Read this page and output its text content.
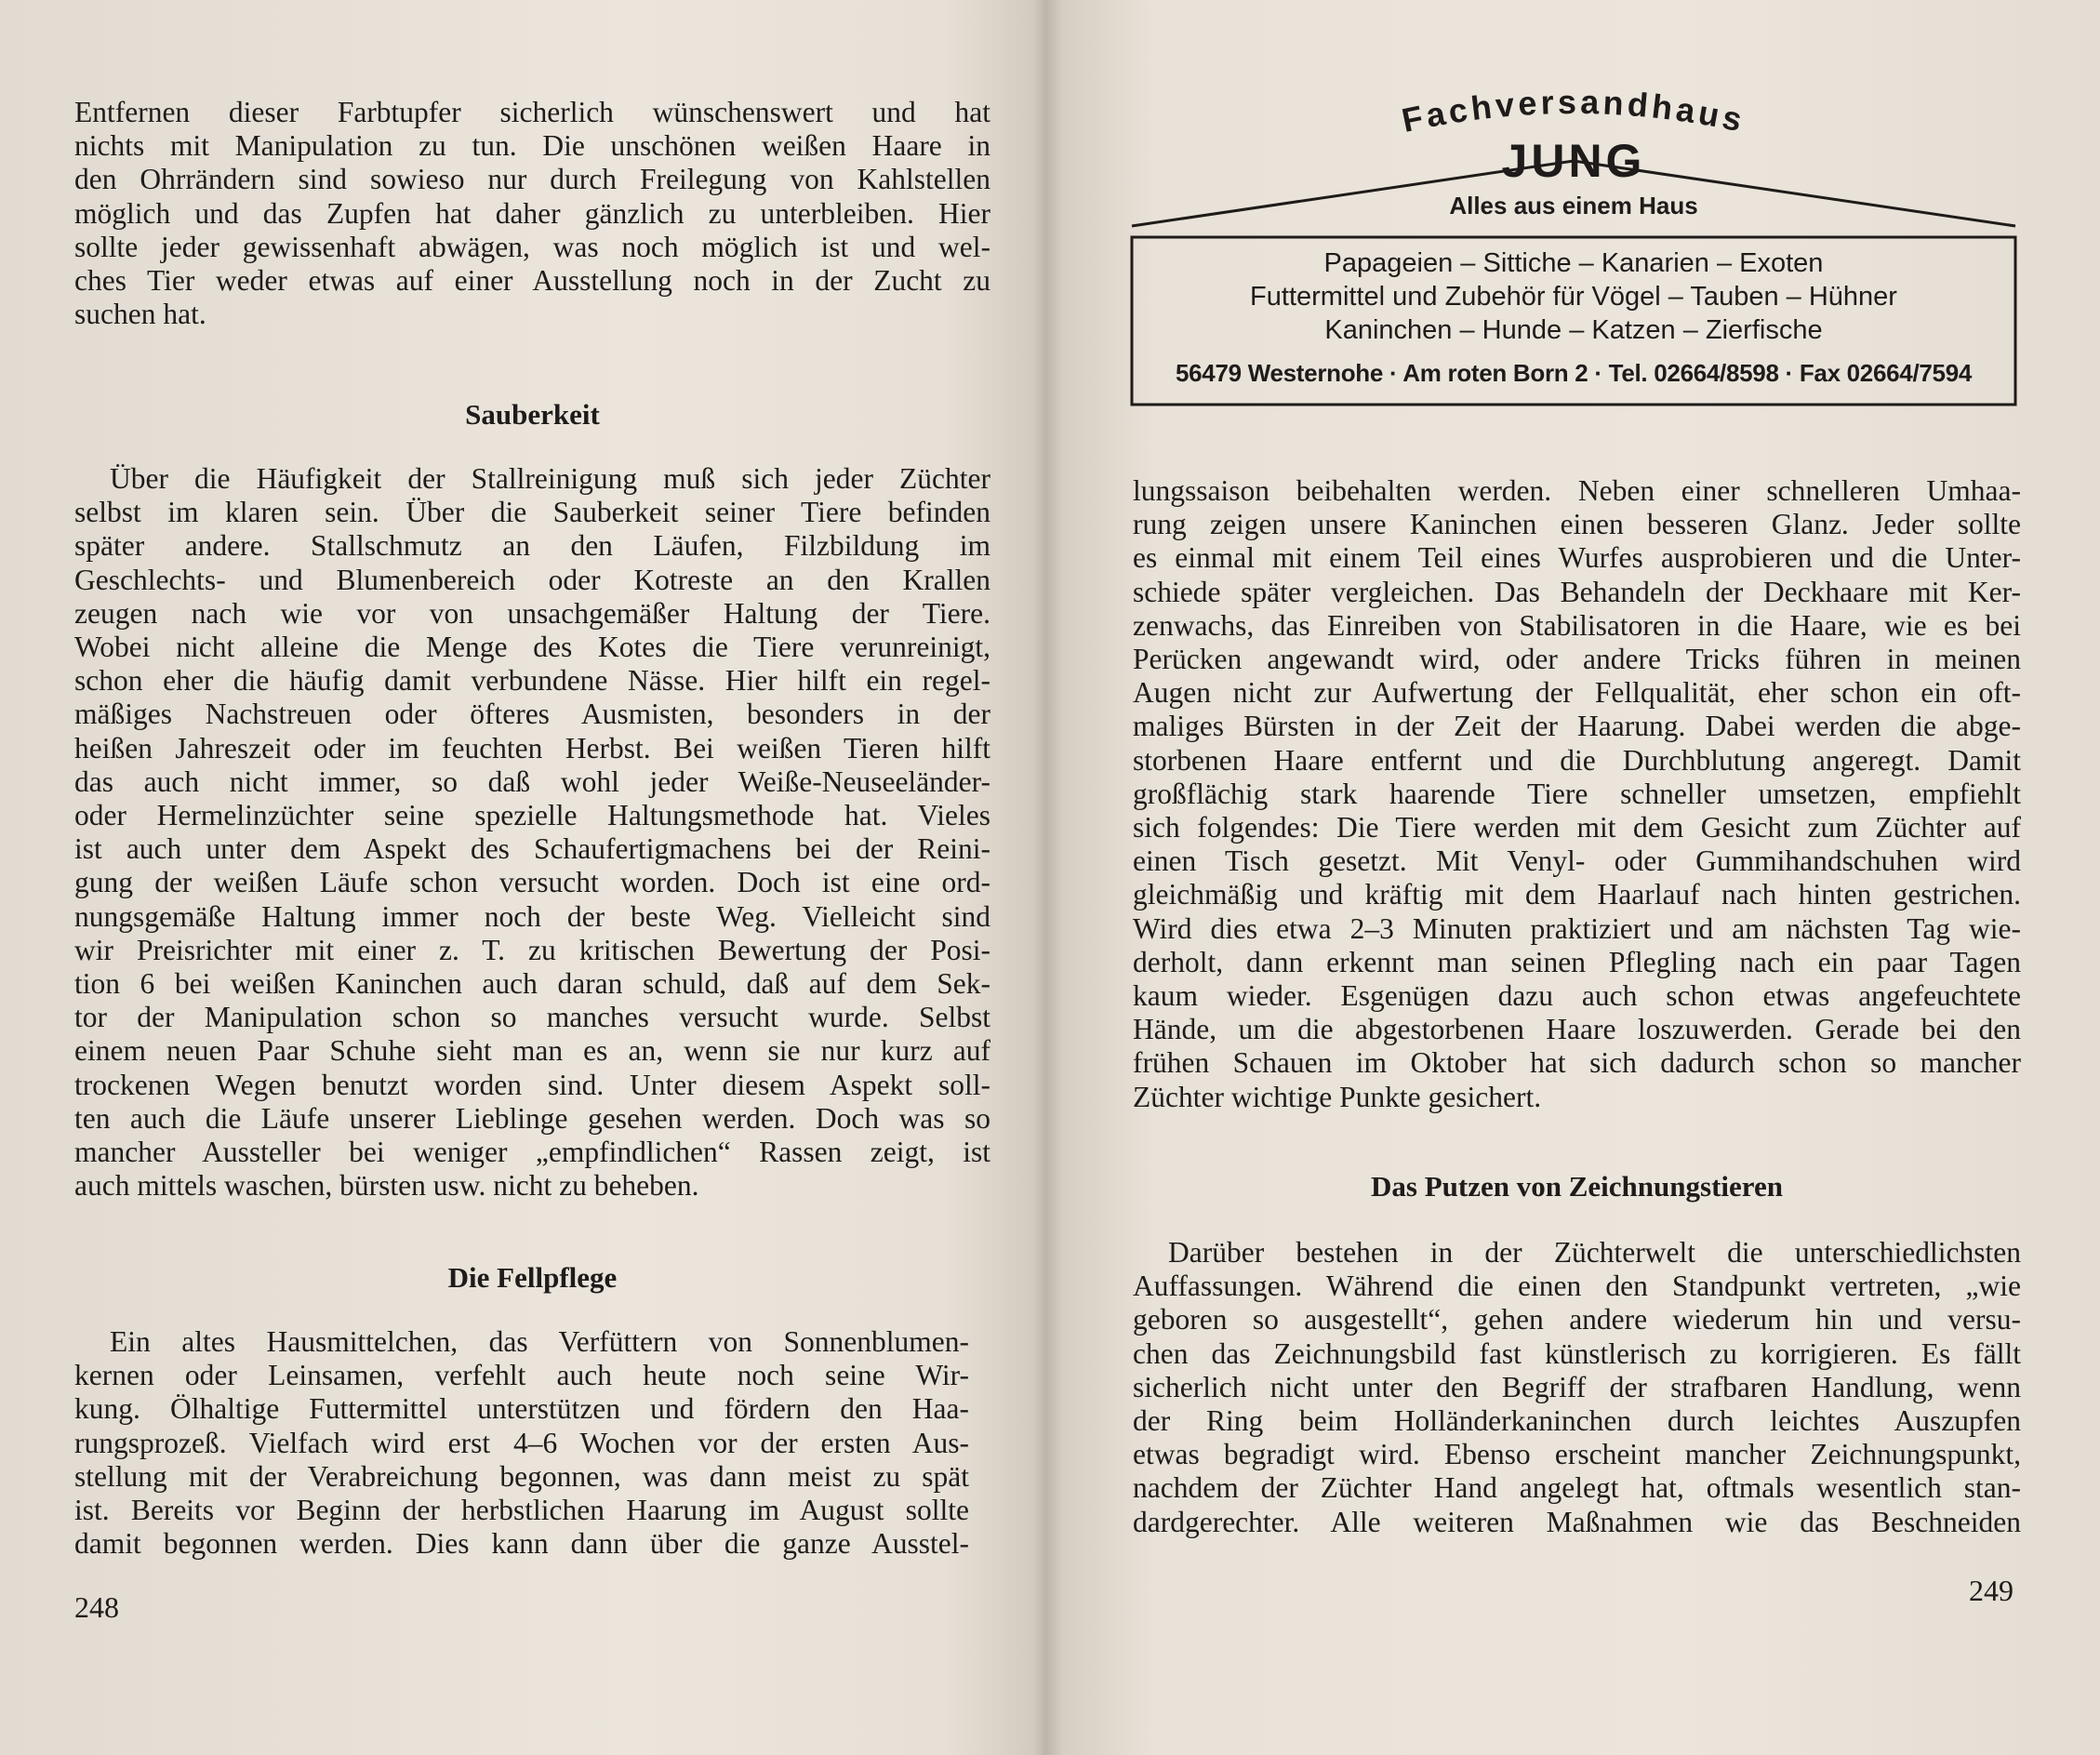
Entfernen dieser Farbtupfer sicherlich wünschenswert und hat
nichts mit Manipulation zu tun. Die unschönen weißen Haare in
den Ohrrändern sind sowieso nur durch Freilegung von Kahlstellen
möglich und das Zupfen hat daher gänzlich zu unterbleiben. Hier
sollte jeder gewissenhaft abwägen, was noch möglich ist und wel-
ches Tier weder etwas auf einer Ausstellung noch in der Zucht zu
suchen hat.

Sauberkeit

Über die Häufigkeit der Stallreinigung muß sich jeder Züchter
selbst im klaren sein. Über die Sauberkeit seiner Tiere befinden
später andere. Stallschmutz an den Läufen, Filzbildung im
Geschlechts- und Blumenbereich oder Kotreste an den Krallen
zeugen nach wie vor von unsachgemäßer Haltung der Tiere.
Wobei nicht alleine die Menge des Kotes die Tiere verunreinigt,
schon eher die häufig damit verbundene Nässe. Hier hilft ein regel-
mäßiges Nachstreuen oder öfteres Ausmisten, besonders in der
heißen Jahreszeit oder im feuchten Herbst. Bei weißen Tieren hilft
das auch nicht immer, so daß wohl jeder Weiße-Neuseeländer-
oder Hermelinzüchter seine spezielle Haltungsmethode hat. Vieles
ist auch unter dem Aspekt des Schaufertigmachens bei der Reini-
gung der weißen Läufe schon versucht worden. Doch ist eine ord-
nungsgemäße Haltung immer noch der beste Weg. Vielleicht sind
wir Preisrichter mit einer z. T. zu kritischen Bewertung der Posi-
tion 6 bei weißen Kaninchen auch daran schuld, daß auf dem Sek-
tor der Manipulation schon so manches versucht wurde. Selbst
einem neuen Paar Schuhe sieht man es an, wenn sie nur kurz auf
trockenen Wegen benutzt worden sind. Unter diesem Aspekt soll-
ten auch die Läufe unserer Lieblinge gesehen werden. Doch was so
mancher Aussteller bei weniger „empfindlichen“ Rassen zeigt, ist
auch mittels waschen, bürsten usw. nicht zu beheben.

Die Fellpflege

Ein altes Hausmittelchen, das Verfüttern von Sonnenblumen-
kernen oder Leinsamen, verfehlt auch heute noch seine Wir-
kung. Ölhaltige Futtermittel unterstützen und fördern den Haa-
rungsprozeß. Vielfach wird erst 4–6 Wochen vor der ersten Aus-
stellung mit der Verabreichung begonnen, was dann meist zu spät
ist. Bereits vor Beginn der herbstlichen Haarung im August sollte
damit begonnen werden. Dies kann dann über die ganze Ausstel-

248

Fachversandhaus

JUNG

Alles aus einem Haus

Papageien – Sittiche – Kanarien – Exoten

Futtermittel und Zubehör für Vögel – Tauben – Hühner

Kaninchen – Hunde – Katzen – Zierfische

56479 Westernohe · Am roten Born 2 · Tel. 02664/8598 · Fax 02664/7594

lungssaison beibehalten werden. Neben einer schnelleren Umhaa-
rung zeigen unsere Kaninchen einen besseren Glanz. Jeder sollte
es einmal mit einem Teil eines Wurfes ausprobieren und die Unter-
schiede später vergleichen. Das Behandeln der Deckhaare mit Ker-
zenwachs, das Einreiben von Stabilisatoren in die Haare, wie es bei
Perücken angewandt wird, oder andere Tricks führen in meinen
Augen nicht zur Aufwertung der Fellqualität, eher schon ein oft-
maliges Bürsten in der Zeit der Haarung. Dabei werden die abge-
storbenen Haare entfernt und die Durchblutung angeregt. Damit
großflächig stark haarende Tiere schneller umsetzen, empfiehlt
sich folgendes: Die Tiere werden mit dem Gesicht zum Züchter auf
einen Tisch gesetzt. Mit Venyl- oder Gummihandschuhen wird
gleichmäßig und kräftig mit dem Haarlauf nach hinten gestrichen.
Wird dies etwa 2–3 Minuten praktiziert und am nächsten Tag wie-
derholt, dann erkennt man seinen Pflegling nach ein paar Tagen
kaum wieder. Esgenügen dazu auch schon etwas angefeuchtete
Hände, um die abgestorbenen Haare loszuwerden. Gerade bei den
frühen Schauen im Oktober hat sich dadurch schon so mancher
Züchter wichtige Punkte gesichert.

Das Putzen von Zeichnungstieren

Darüber bestehen in der Züchterwelt die unterschiedlichsten
Auffassungen. Während die einen den Standpunkt vertreten, „wie
geboren so ausgestellt“, gehen andere wiederum hin und versu-
chen das Zeichnungsbild fast künstlerisch zu korrigieren. Es fällt
sicherlich nicht unter den Begriff der strafbaren Handlung, wenn
der Ring beim Holländerkaninchen durch leichtes Auszupfen
etwas begradigt wird. Ebenso erscheint mancher Zeichnungspunkt,
nachdem der Züchter Hand angelegt hat, oftmals wesentlich stan-
dardgerechter. Alle weiteren Maßnahmen wie das Beschneiden

249
